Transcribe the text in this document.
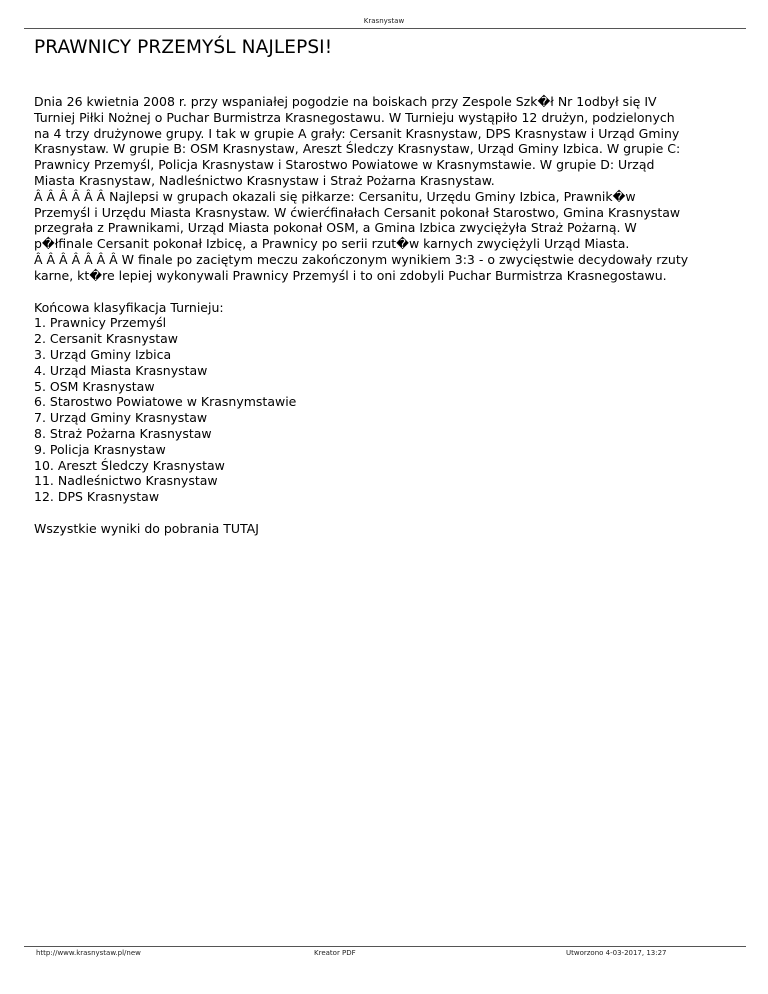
Krasnystaw
PRAWNICY PRZEMYŚL NAJLEPSI!

Dnia 26 kwietnia 2008 r. przy wspaniałej pogodzie na boiskach przy Zespole Szk�ł Nr 1odbył się IV

Turniej Piłki Nożnej o Puchar Burmistrza Krasnegostawu. W Turnieju wystąpiło 12 drużyn, podzielonych

na 4 trzy drużynowe grupy. I tak w grupie A grały: Cersanit Krasnystaw, DPS Krasnystaw i Urząd Gminy

Krasnystaw. W grupie B: OSM Krasnystaw, Areszt Śledczy Krasnystaw, Urząd Gminy Izbica. W grupie C:

Prawnicy Przemyśl, Policja Krasnystaw i Starostwo Powiatowe w Krasnymstawie. W grupie D: Urząd

Miasta Krasnystaw, Nadleśnictwo Krasnystaw i Straż Pożarna Krasnystaw.

Â Â Â Â Â Â Najlepsi w grupach okazali się piłkarze: Cersanitu, Urzędu Gminy Izbica, Prawnik�w

Przemyśl i Urzędu Miasta Krasnystaw. W ćwierćfinałach Cersanit pokonał Starostwo, Gmina Krasnystaw

przegrała z Prawnikami, Urząd Miasta pokonał OSM, a Gmina Izbica zwyciężyła Straż Pożarną. W

p�łfinale Cersanit pokonał Izbicę, a Prawnicy po serii rzut�w karnych zwyciężyli Urząd Miasta.

Â Â Â Â Â Â Â W finale po zaciętym meczu zakończonym wynikiem 3:3 - o zwycięstwie decydowały rzuty

karne, kt�re lepiej wykonywali Prawnicy Przemyśl i to oni zdobyli Puchar Burmistrza Krasnegostawu.

Końcowa klasyfikacja Turnieju:

1. Prawnicy Przemyśl

2. Cersanit Krasnystaw

3. Urząd Gminy Izbica

4. Urząd Miasta Krasnystaw

5. OSM Krasnystaw

6. Starostwo Powiatowe w Krasnymstawie

7. Urząd Gminy Krasnystaw

8. Straż Pożarna Krasnystaw

9. Policja Krasnystaw

10. Areszt Śledczy Krasnystaw

11. Nadleśnictwo Krasnystaw

12. DPS Krasnystaw

Wszystkie wyniki do pobrania TUTAJ

http://www.krasnystaw.pl/new	Kreator PDF	Utworzono 4-03-2017, 13:27
